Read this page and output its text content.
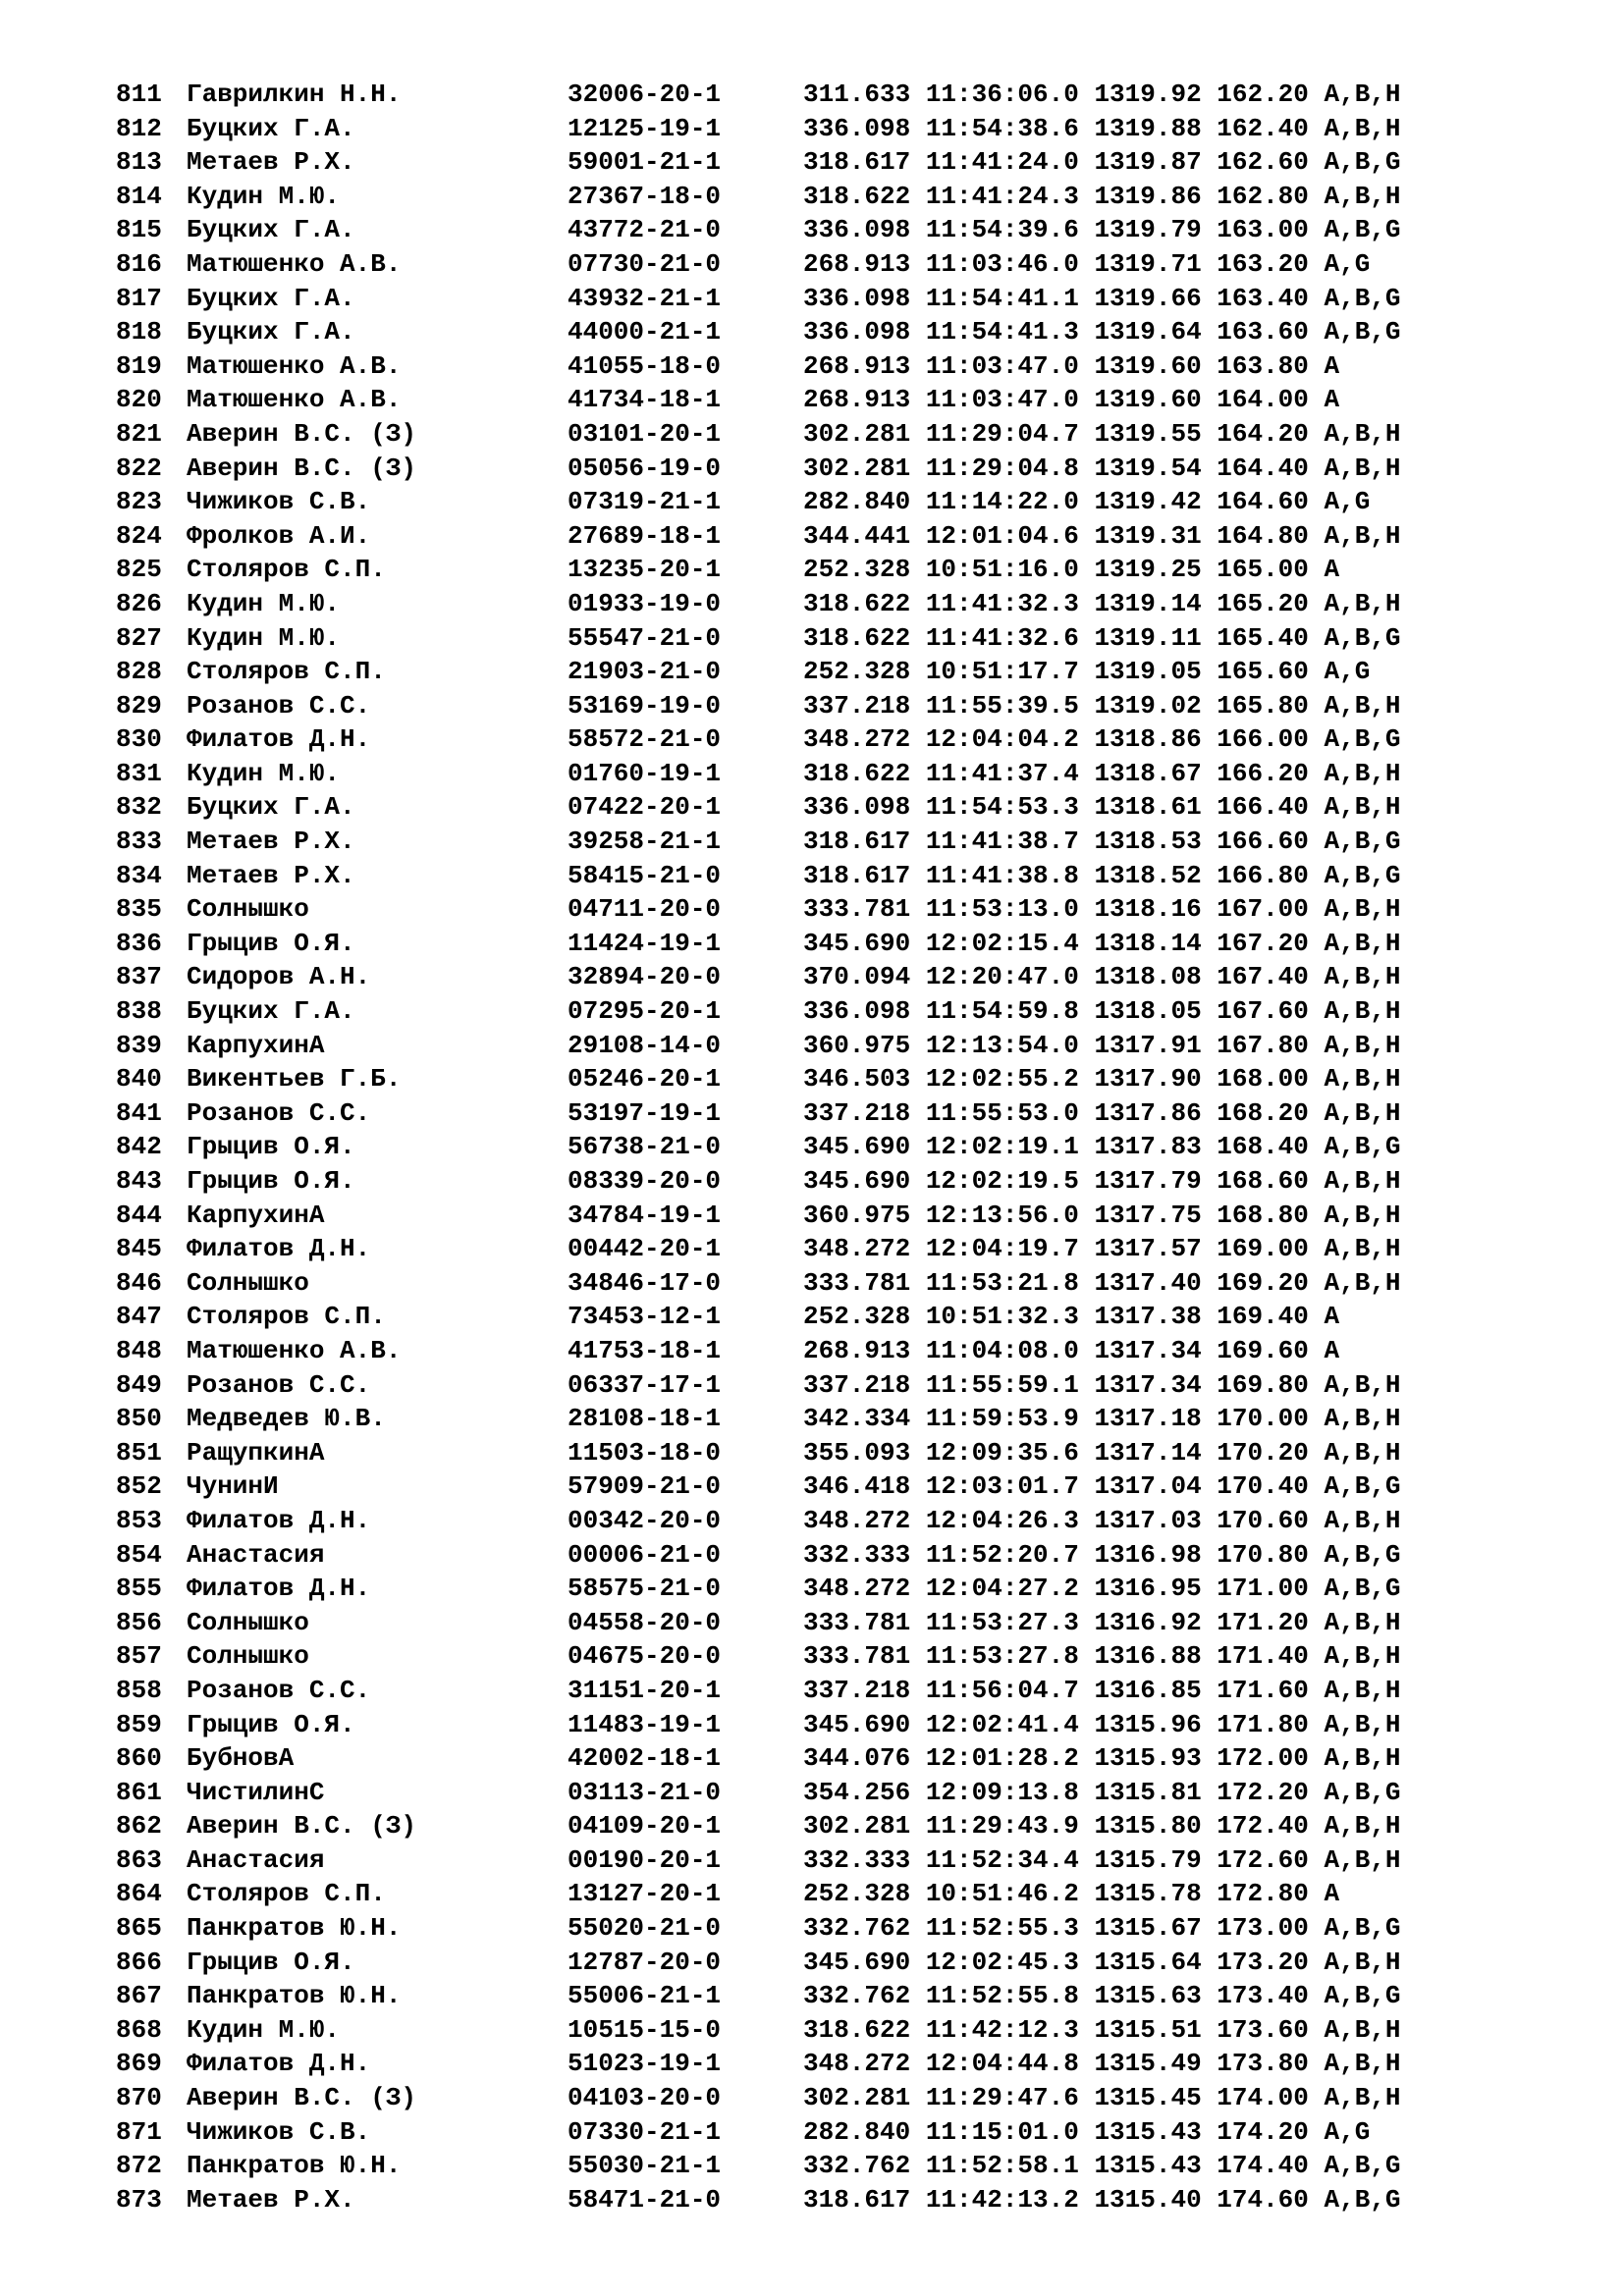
811 Гаврилкин Н.Н.	32006-20-1	311.633 11:36:06.0 1319.92 162.20 A,B,H
812 Буцких Г.А.	12125-19-1	336.098 11:54:38.6 1319.88 162.40 A,B,H
813 Метаев Р.Х.	59001-21-1	318.617 11:41:24.0 1319.87 162.60 A,B,G
814 Кудин М.Ю.	27367-18-0	318.622 11:41:24.3 1319.86 162.80 A,B,H
815 Буцких Г.А.	43772-21-0	336.098 11:54:39.6 1319.79 163.00 A,B,G
816 Матюшенко А.В.	07730-21-0	268.913 11:03:46.0 1319.71 163.20 A,G
817 Буцких Г.А.	43932-21-1	336.098 11:54:41.1 1319.66 163.40 A,B,G
818 Буцких Г.А.	44000-21-1	336.098 11:54:41.3 1319.64 163.60 A,B,G
819 Матюшенко А.В.	41055-18-0	268.913 11:03:47.0 1319.60 163.80 A
820 Матюшенко А.В.	41734-18-1	268.913 11:03:47.0 1319.60 164.00 A
821 Аверин В.С. (З)	03101-20-1	302.281 11:29:04.7 1319.55 164.20 A,B,H
822 Аверин В.С. (З)	05056-19-0	302.281 11:29:04.8 1319.54 164.40 A,B,H
823 Чижиков С.В.	07319-21-1	282.840 11:14:22.0 1319.42 164.60 A,G
824 Фролков А.И.	27689-18-1	344.441 12:01:04.6 1319.31 164.80 A,B,H
825 Столяров С.П.	13235-20-1	252.328 10:51:16.0 1319.25 165.00 A
826 Кудин М.Ю.	01933-19-0	318.622 11:41:32.3 1319.14 165.20 A,B,H
827 Кудин М.Ю.	55547-21-0	318.622 11:41:32.6 1319.11 165.40 A,B,G
828 Столяров С.П.	21903-21-0	252.328 10:51:17.7 1319.05 165.60 A,G
829 Розанов С.С.	53169-19-0	337.218 11:55:39.5 1319.02 165.80 A,B,H
830 Филатов Д.Н.	58572-21-0	348.272 12:04:04.2 1318.86 166.00 A,B,G
831 Кудин М.Ю.	01760-19-1	318.622 11:41:37.4 1318.67 166.20 A,B,H
832 Буцких Г.А.	07422-20-1	336.098 11:54:53.3 1318.61 166.40 A,B,H
833 Метаев Р.Х.	39258-21-1	318.617 11:41:38.7 1318.53 166.60 A,B,G
834 Метаев Р.Х.	58415-21-0	318.617 11:41:38.8 1318.52 166.80 A,B,G
835 Солнышко	04711-20-0	333.781 11:53:13.0 1318.16 167.00 A,B,H
836 Грыцив О.Я.	11424-19-1	345.690 12:02:15.4 1318.14 167.20 A,B,H
837 Сидоров А.Н.	32894-20-0	370.094 12:20:47.0 1318.08 167.40 A,B,H
838 Буцких Г.А.	07295-20-1	336.098 11:54:59.8 1318.05 167.60 A,B,H
839 КарпухинА	29108-14-0	360.975 12:13:54.0 1317.91 167.80 A,B,H
840 Викентьев Г.Б.	05246-20-1	346.503 12:02:55.2 1317.90 168.00 A,B,H
841 Розанов С.С.	53197-19-1	337.218 11:55:53.0 1317.86 168.20 A,B,H
842 Грыцив О.Я.	56738-21-0	345.690 12:02:19.1 1317.83 168.40 A,B,G
843 Грыцив О.Я.	08339-20-0	345.690 12:02:19.5 1317.79 168.60 A,B,H
844 КарпухинА	34784-19-1	360.975 12:13:56.0 1317.75 168.80 A,B,H
845 Филатов Д.Н.	00442-20-1	348.272 12:04:19.7 1317.57 169.00 A,B,H
846 Солнышко	34846-17-0	333.781 11:53:21.8 1317.40 169.20 A,B,H
847 Столяров С.П.	73453-12-1	252.328 10:51:32.3 1317.38 169.40 A
848 Матюшенко А.В.	41753-18-1	268.913 11:04:08.0 1317.34 169.60 A
849 Розанов С.С.	06337-17-1	337.218 11:55:59.1 1317.34 169.80 A,B,H
850 Медведев Ю.В.	28108-18-1	342.334 11:59:53.9 1317.18 170.00 A,B,H
851 РащупкинА	11503-18-0	355.093 12:09:35.6 1317.14 170.20 A,B,H
852 ЧунинИ	57909-21-0	346.418 12:03:01.7 1317.04 170.40 A,B,G
853 Филатов Д.Н.	00342-20-0	348.272 12:04:26.3 1317.03 170.60 A,B,H
854 Анастасия	00006-21-0	332.333 11:52:20.7 1316.98 170.80 A,B,G
855 Филатов Д.Н.	58575-21-0	348.272 12:04:27.2 1316.95 171.00 A,B,G
856 Солнышко	04558-20-0	333.781 11:53:27.3 1316.92 171.20 A,B,H
857 Солнышко	04675-20-0	333.781 11:53:27.8 1316.88 171.40 A,B,H
858 Розанов С.С.	31151-20-1	337.218 11:56:04.7 1316.85 171.60 A,B,H
859 Грыцив О.Я.	11483-19-1	345.690 12:02:41.4 1315.96 171.80 A,B,H
860 БубновА	42002-18-1	344.076 12:01:28.2 1315.93 172.00 A,B,H
861 ЧистилинС	03113-21-0	354.256 12:09:13.8 1315.81 172.20 A,B,G
862 Аверин В.С. (З)	04109-20-1	302.281 11:29:43.9 1315.80 172.40 A,B,H
863 Анастасия	00190-20-1	332.333 11:52:34.4 1315.79 172.60 A,B,H
864 Столяров С.П.	13127-20-1	252.328 10:51:46.2 1315.78 172.80 A
865 Панкратов Ю.Н.	55020-21-0	332.762 11:52:55.3 1315.67 173.00 A,B,G
866 Грыцив О.Я.	12787-20-0	345.690 12:02:45.3 1315.64 173.20 A,B,H
867 Панкратов Ю.Н.	55006-21-1	332.762 11:52:55.8 1315.63 173.40 A,B,G
868 Кудин М.Ю.	10515-15-0	318.622 11:42:12.3 1315.51 173.60 A,B,H
869 Филатов Д.Н.	51023-19-1	348.272 12:04:44.8 1315.49 173.80 A,B,H
870 Аверин В.С. (З)	04103-20-0	302.281 11:29:47.6 1315.45 174.00 A,B,H
871 Чижиков С.В.	07330-21-1	282.840 11:15:01.0 1315.43 174.20 A,G
872 Панкратов Ю.Н.	55030-21-1	332.762 11:52:58.1 1315.43 174.40 A,B,G
873 Метаев Р.Х.	58471-21-0	318.617 11:42:13.2 1315.40 174.60 A,B,G
